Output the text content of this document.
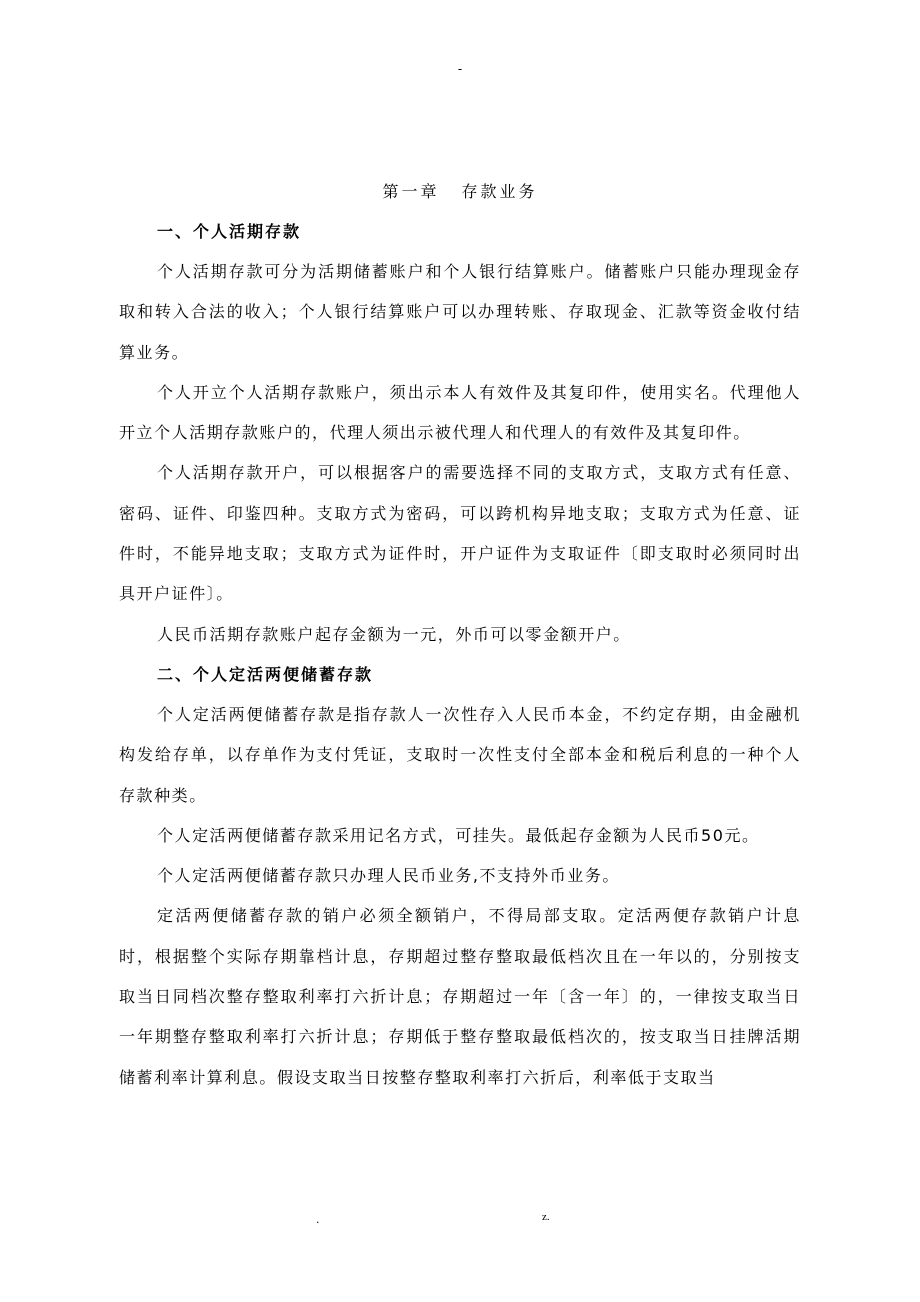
-
第一章 存款业务
一、个人活期存款

个人活期存款可分为活期储蓄账户和个人银行结算账户。储蓄账户只能办理现金存取和转入合法的收入；个人银行结算账户可以办理转账、存取现金、汇款等资金收付结算业务。

个人开立个人活期存款账户，须出示本人有效件及其复印件，使用实名。代理他人开立个人活期存款账户的，代理人须出示被代理人和代理人的有效件及其复印件。

个人活期存款开户，可以根据客户的需要选择不同的支取方式，支取方式有任意、密码、证件、印鉴四种。支取方式为密码，可以跨机构异地支取；支取方式为任意、证件时，不能异地支取；支取方式为证件时，开户证件为支取证件〔即支取时必须同时出具开户证件〕。

人民币活期存款账户起存金额为一元，外币可以零金额开户。

二、个人定活两便储蓄存款

个人定活两便储蓄存款是指存款人一次性存入人民币本金，不约定存期，由金融机构发给存单，以存单作为支付凭证，支取时一次性支付全部本金和税后利息的一种个人存款种类。

个人定活两便储蓄存款采用记名方式，可挂失。最低起存金额为人民币50元。

个人定活两便储蓄存款只办理人民币业务,不支持外币业务。

定活两便储蓄存款的销户必须全额销户，不得局部支取。定活两便存款销户计息时，根据整个实际存期靠档计息，存期超过整存整取最低档次且在一年以的，分别按支取当日同档次整存整取利率打六折计息；存期超过一年〔含一年〕的，一律按支取当日一年期整存整取利率打六折计息；存期低于整存整取最低档次的，按支取当日挂牌活期储蓄利率计算利息。假设支取当日按整存整取利率打六折后，利率低于支取当

.	z.
